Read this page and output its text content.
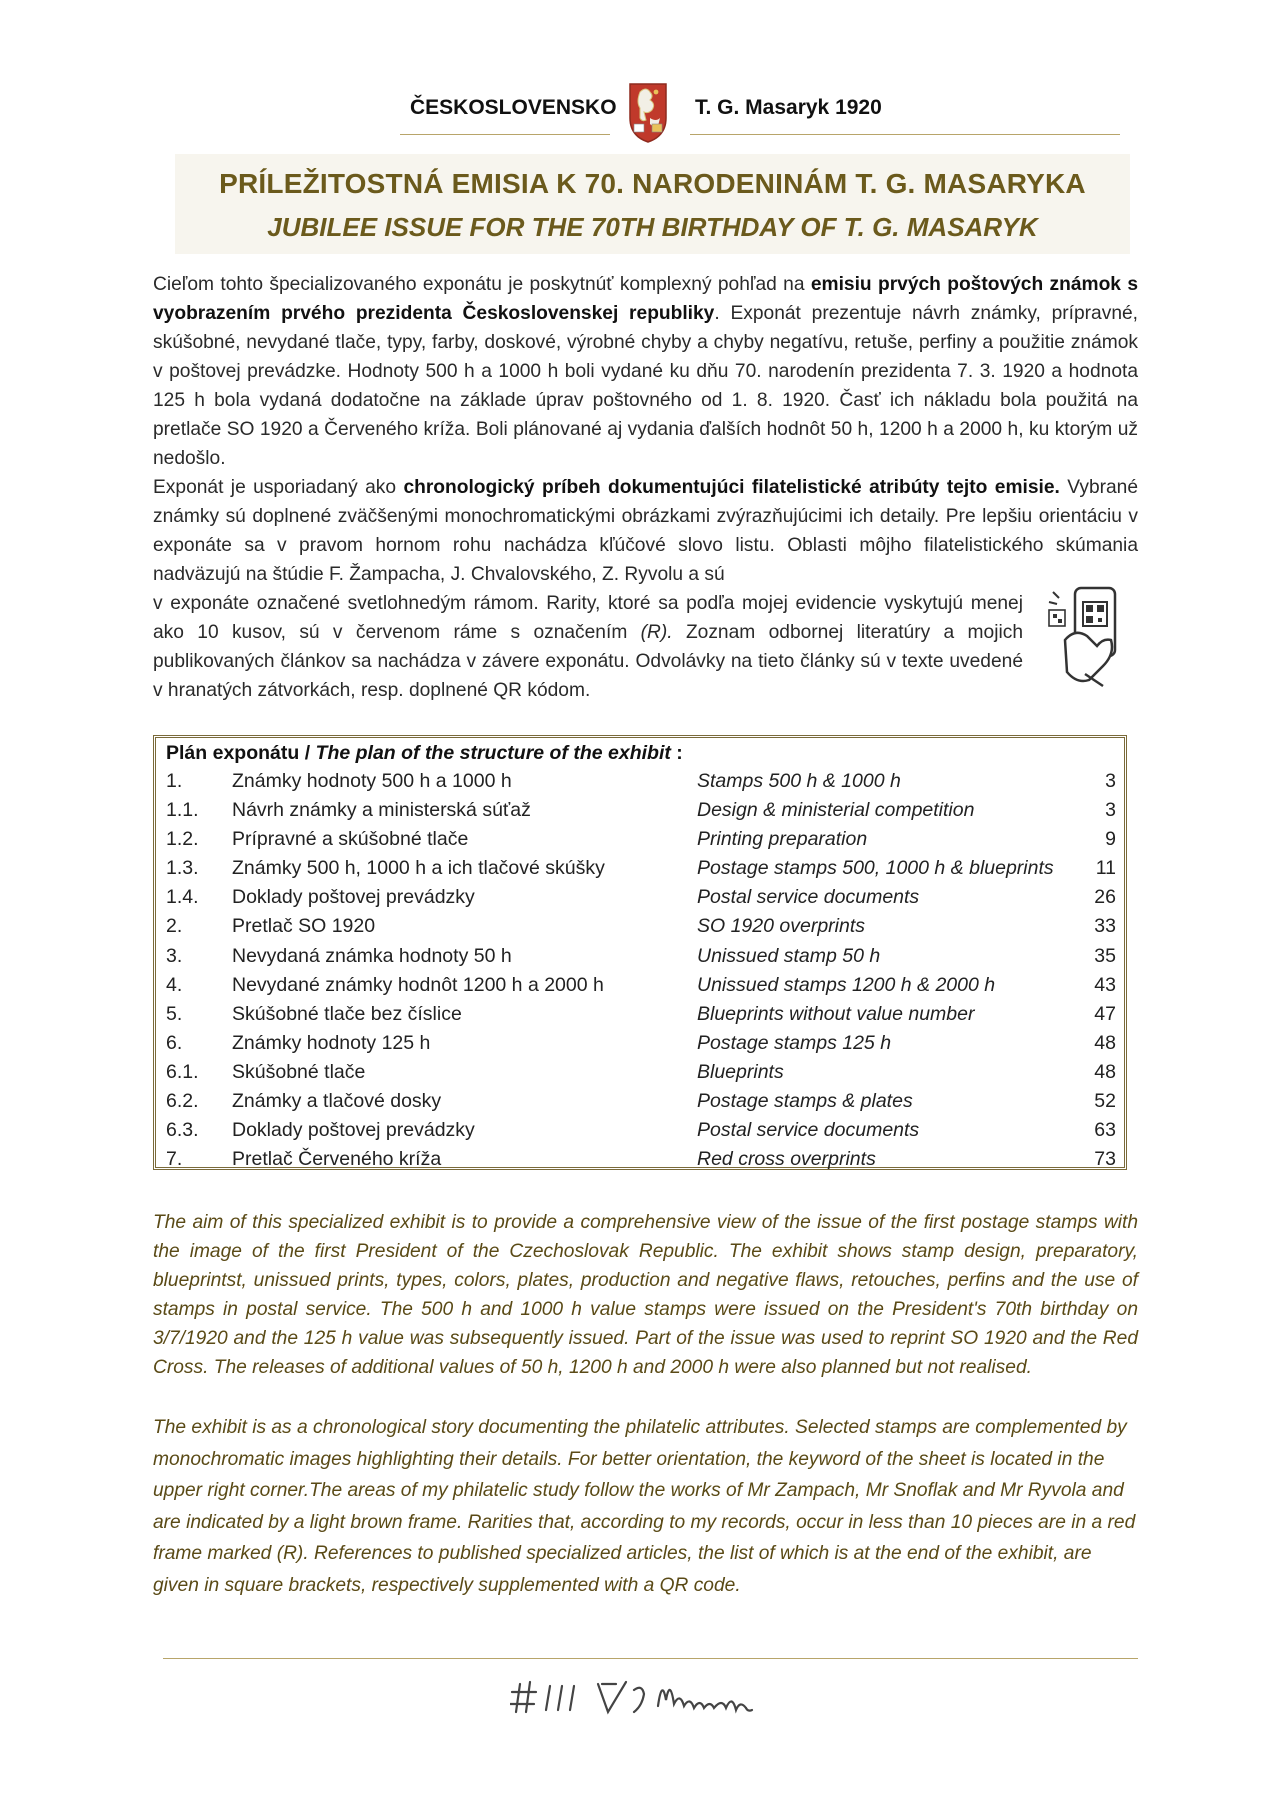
ČESKOSLOVENSKO	T. G. Masaryk 1920
PRÍLEŽITOSTNÁ EMISIA K 70. NARODENINÁM T. G. MASARYKA
JUBILEE ISSUE FOR THE 70TH BIRTHDAY OF T. G. MASARYK
Cieľom tohto špecializovaného exponátu je poskytnúť komplexný pohľad na emisiu prvých poštových známok s vyobrazením prvého prezidenta Československej republiky. Exponát prezentuje návrh známky, prípravné, skúšobné, nevydané tlače, typy, farby, doskové, výrobné chyby a chyby negatívu, retuše, perfiny a použitie známok v poštovej prevádzke. Hodnoty 500 h a 1000 h boli vydané ku dňu 70. narodenín prezidenta 7. 3. 1920 a hodnota 125 h bola vydaná dodatočne na základe úprav poštovného od 1. 8. 1920. Časť ich nákladu bola použitá na pretlače SO 1920 a Červeného kríža. Boli plánované aj vydania ďalších hodnôt 50 h, 1200 h a 2000 h, ku ktorým už nedošlo.
Exponát je usporiadaný ako chronologický príbeh dokumentujúci filatelistické atribúty tejto emisie. Vybrané známky sú doplnené zväčšenými monochromatickými obrázkami zvýrazňujúcimi ich detaily. Pre lepšiu orientáciu v exponáte sa v pravom hornom rohu nachádza kľúčové slovo listu. Oblasti môjho filatelistického skúmania nadväzujú na štúdie F. Žampacha, J. Chvalovského, Z. Ryvolu a sú
v exponáte označené svetlohnedým rámom. Rarity, ktoré sa podľa mojej evidencie vyskytujú menej ako 10 kusov, sú v červenom ráme s označením (R). Zoznam odbornej literatúry a mojich publikovaných článkov sa nachádza v závere exponátu. Odvolávky na tieto články sú v texte uvedené v hranatých zátvorkách, resp. doplnené QR kódom.
Plán exponátu / The plan of the structure of the exhibit :
1.	Známky hodnoty 500 h a 1000 h	Stamps 500 h & 1000 h	3
1.1. Návrh známky a ministerská súťaž	Design & ministerial competition	3
1.2. Prípravné a skúšobné tlače	Printing preparation	9
1.3. Známky 500 h, 1000 h a ich tlačové skúšky	Postage stamps 500, 1000 h & blueprints 11
1.4. Doklady poštovej prevádzky	Postal service documents	26
2.	Pretlač SO 1920	SO 1920 overprints	33
3.	Nevydaná známka hodnoty 50 h	Unissued stamp 50 h	35
4.	Nevydané známky hodnôt 1200 h a 2000 h	Unissued stamps 1200 h & 2000 h	43
5.	Skúšobné tlače bez číslice	Blueprints without value number	47
6.	Známky hodnoty 125 h	Postage stamps 125 h	48
6.1. Skúšobné tlače	Blueprints	48
6.2. Známky a tlačové dosky	Postage stamps & plates	52
6.3. Doklady poštovej prevádzky	Postal service documents	63
7.	Pretlač Červeného kríža	Red cross overprints	73
The aim of this specialized exhibit is to provide a comprehensive view of the issue of the first postage stamps with the image of the first President of the Czechoslovak Republic. The exhibit shows stamp design, preparatory, blueprintst, unissued prints, types, colors, plates, production and negative flaws, retouches, perfins and the use of stamps in postal service. The 500 h and 1000 h value stamps were issued on the President's 70th birthday on 3/7/1920 and the 125 h value was subsequently issued. Part of the issue was used to reprint SO 1920 and the Red Cross. The releases of additional values of 50 h, 1200 h and 2000 h were also planned but not realised.
The exhibit is as a chronological story documenting the philatelic attributes. Selected stamps are complemented by monochromatic images highlighting their details. For better orientation, the keyword of the sheet is located in the upper right corner.The areas of my philatelic study follow the works of Mr Zampach, Mr Snoflak and Mr Ryvola and are indicated by a light brown frame. Rarities that, according to my records, occur in less than 10 pieces are in a red frame marked (R). References to published specialized articles, the list of which is at the end of the exhibit, are given in square brackets, respectively supplemented with a QR code.
